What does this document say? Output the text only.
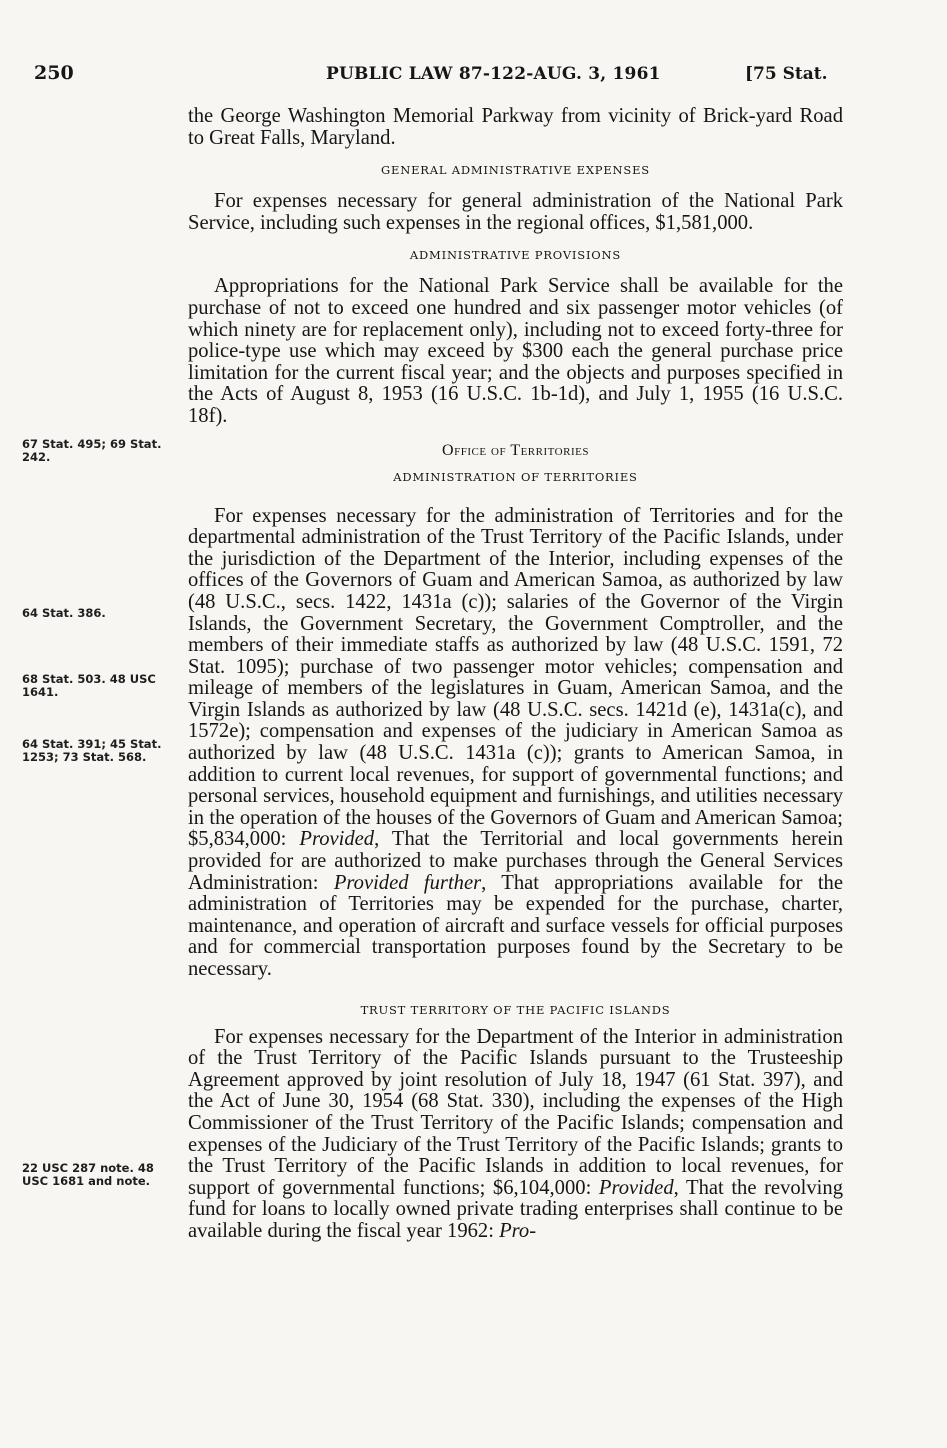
250	PUBLIC LAW 87-122-AUG. 3, 1961	[75 Stat.

the George Washington Memorial Parkway from vicinity of Brick-yard Road to Great Falls, Maryland.

GENERAL ADMINISTRATIVE EXPENSES

For expenses necessary for general administration of the National Park Service, including such expenses in the regional offices, $1,581,000.

ADMINISTRATIVE PROVISIONS

Appropriations for the National Park Service shall be available for the purchase of not to exceed one hundred and six passenger motor vehicles (of which ninety are for replacement only), including not to exceed forty-three for police-type use which may exceed by $300 each the general purchase price limitation for the current fiscal year; and the objects and purposes specified in the Acts of August 8, 1953 (16 U.S.C. 1b-1d), and July 1, 1955 (16 U.S.C. 18f).

Office of Territories

ADMINISTRATION OF TERRITORIES

For expenses necessary for the administration of Territories and for the departmental administration of the Trust Territory of the Pacific Islands, under the jurisdiction of the Department of the Interior, including expenses of the offices of the Governors of Guam and American Samoa, as authorized by law (48 U.S.C., secs. 1422, 1431a (c)); salaries of the Governor of the Virgin Islands, the Government Secretary, the Government Comptroller, and the members of their immediate staffs as authorized by law (48 U.S.C. 1591, 72 Stat. 1095); purchase of two passenger motor vehicles; compensation and mileage of members of the legislatures in Guam, American Samoa, and the Virgin Islands as authorized by law (48 U.S.C. secs. 1421d (e), 1431a(c), and 1572e); compensation and expenses of the judiciary in American Samoa as authorized by law (48 U.S.C. 1431a (c)); grants to American Samoa, in addition to current local revenues, for support of governmental functions; and personal services, household equipment and furnishings, and utilities necessary in the operation of the houses of the Governors of Guam and American Samoa; $5,834,000: Provided, That the Territorial and local governments herein provided for are authorized to make purchases through the General Services Administration: Provided further, That appropriations available for the administration of Territories may be expended for the purchase, charter, maintenance, and operation of aircraft and surface vessels for official purposes and for commercial transportation purposes found by the Secretary to be necessary.

TRUST TERRITORY OF THE PACIFIC ISLANDS

For expenses necessary for the Department of the Interior in administration of the Trust Territory of the Pacific Islands pursuant to the Trusteeship Agreement approved by joint resolution of July 18, 1947 (61 Stat. 397), and the Act of June 30, 1954 (68 Stat. 330), including the expenses of the High Commissioner of the Trust Territory of the Pacific Islands; compensation and expenses of the Judiciary of the Trust Territory of the Pacific Islands; grants to the Trust Territory of the Pacific Islands in addition to local revenues, for support of governmental functions; $6,104,000: Provided, That the revolving fund for loans to locally owned private trading enterprises shall continue to be available during the fiscal year 1962: Pro-

67 Stat. 495; 69 Stat. 242.
64 Stat. 386.
68 Stat. 503. 48 USC 1641.
64 Stat. 391; 45 Stat. 1253; 73 Stat. 568.
22 USC 287 note. 48 USC 1681 and note.
